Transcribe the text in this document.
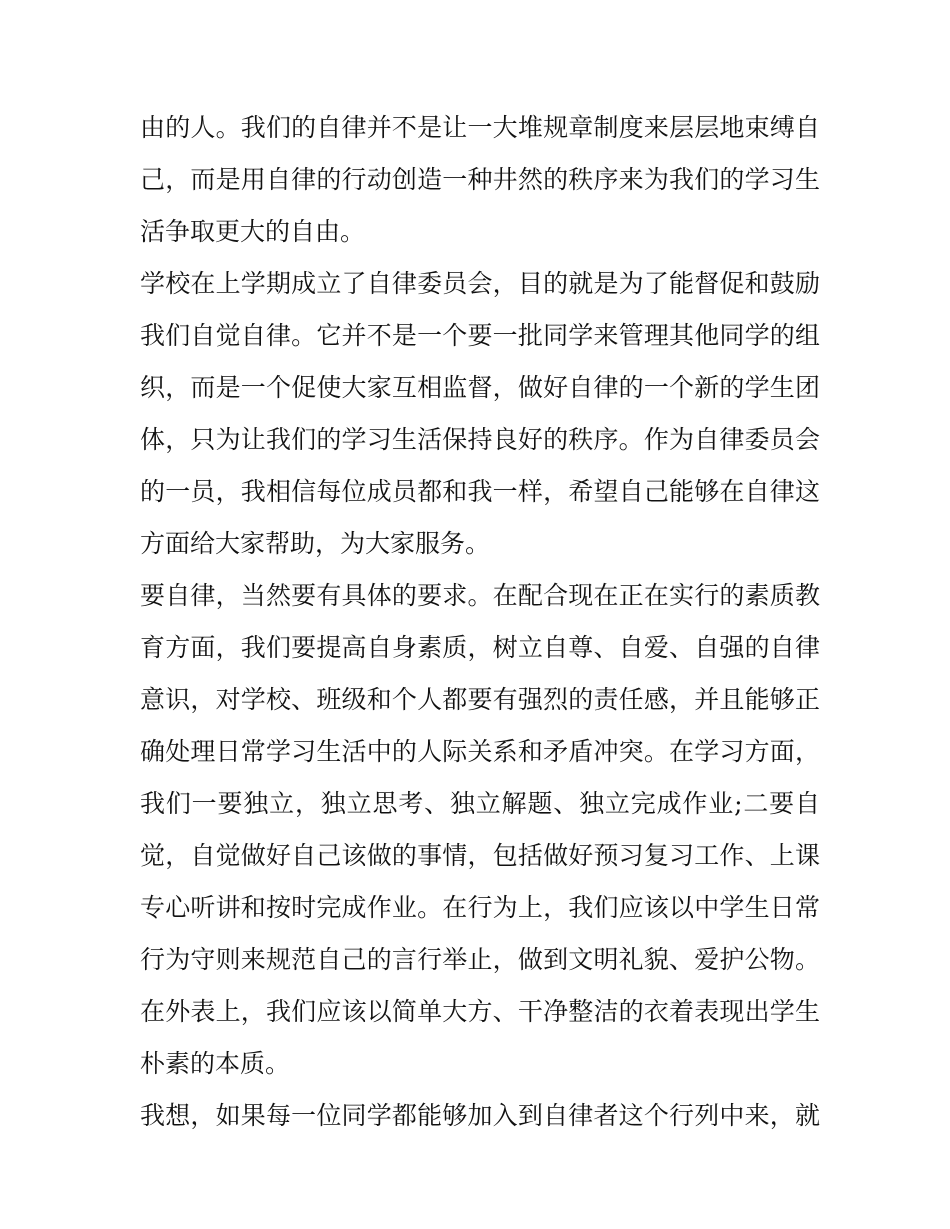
由的人。我们的自律并不是让一大堆规章制度来层层地束缚自
己，而是用自律的行动创造一种井然的秩序来为我们的学习生
活争取更大的自由。
学校在上学期成立了自律委员会，目的就是为了能督促和鼓励
我们自觉自律。它并不是一个要一批同学来管理其他同学的组
织，而是一个促使大家互相监督，做好自律的一个新的学生团
体，只为让我们的学习生活保持良好的秩序。作为自律委员会
的一员，我相信每位成员都和我一样，希望自己能够在自律这
方面给大家帮助，为大家服务。
要自律，当然要有具体的要求。在配合现在正在实行的素质教
育方面，我们要提高自身素质，树立自尊、自爱、自强的自律
意识，对学校、班级和个人都要有强烈的责任感，并且能够正
确处理日常学习生活中的人际关系和矛盾冲突。在学习方面，
我们一要独立，独立思考、独立解题、独立完成作业;二要自
觉，自觉做好自己该做的事情，包括做好预习复习工作、上课
专心听讲和按时完成作业。在行为上，我们应该以中学生日常
行为守则来规范自己的言行举止，做到文明礼貌、爱护公物。
在外表上，我们应该以简单大方、干净整洁的衣着表现出学生
朴素的本质。
我想，如果每一位同学都能够加入到自律者这个行列中来，就
